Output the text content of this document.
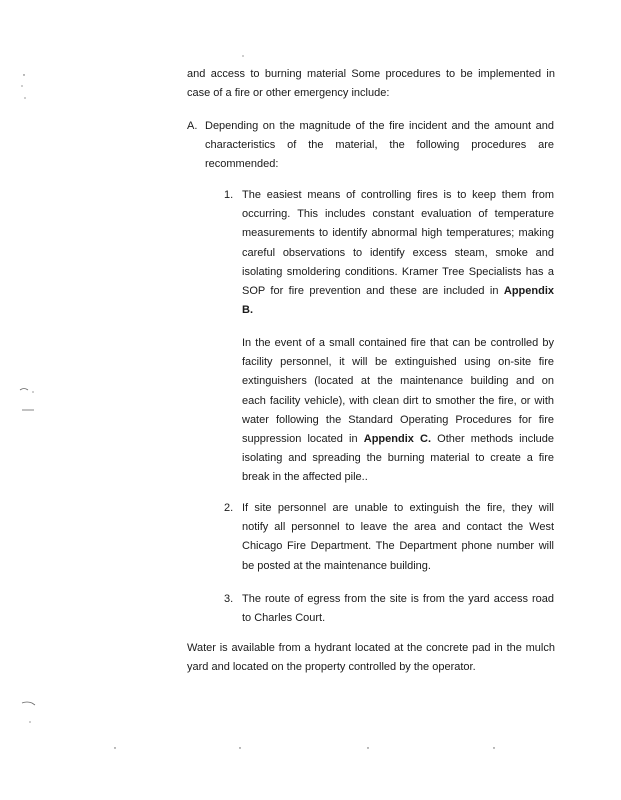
and access to burning material Some procedures to be implemented in
case of a fire or other emergency include:
A. Depending on the magnitude of the fire incident and the amount and
characteristics of the material, the following procedures are
recommended:
1. The easiest means of controlling fires is to keep them from
occurring. This includes constant evaluation of temperature
measurements to identify abnormal high temperatures; making
careful observations to identify excess steam, smoke and
isolating smoldering conditions. Kramer Tree Specialists has a
SOP for fire prevention and these are included in Appendix
B.
In the event of a small contained fire that can be controlled by
facility personnel, it will be extinguished using on-site fire
extinguishers (located at the maintenance building and on
each facility vehicle), with clean dirt to smother the fire, or with
water following the Standard Operating Procedures for fire
suppression located in Appendix C. Other methods include
isolating and spreading the burning material to create a fire
break in the affected pile..
2. If site personnel are unable to extinguish the fire, they will
notify all personnel to leave the area and contact the West
Chicago Fire Department. The Department phone number will
be posted at the maintenance building.
3. The route of egress from the site is from the yard access road
to Charles Court.
Water is available from a hydrant located at the concrete pad in the mulch
yard and located on the property controlled by the operator.
